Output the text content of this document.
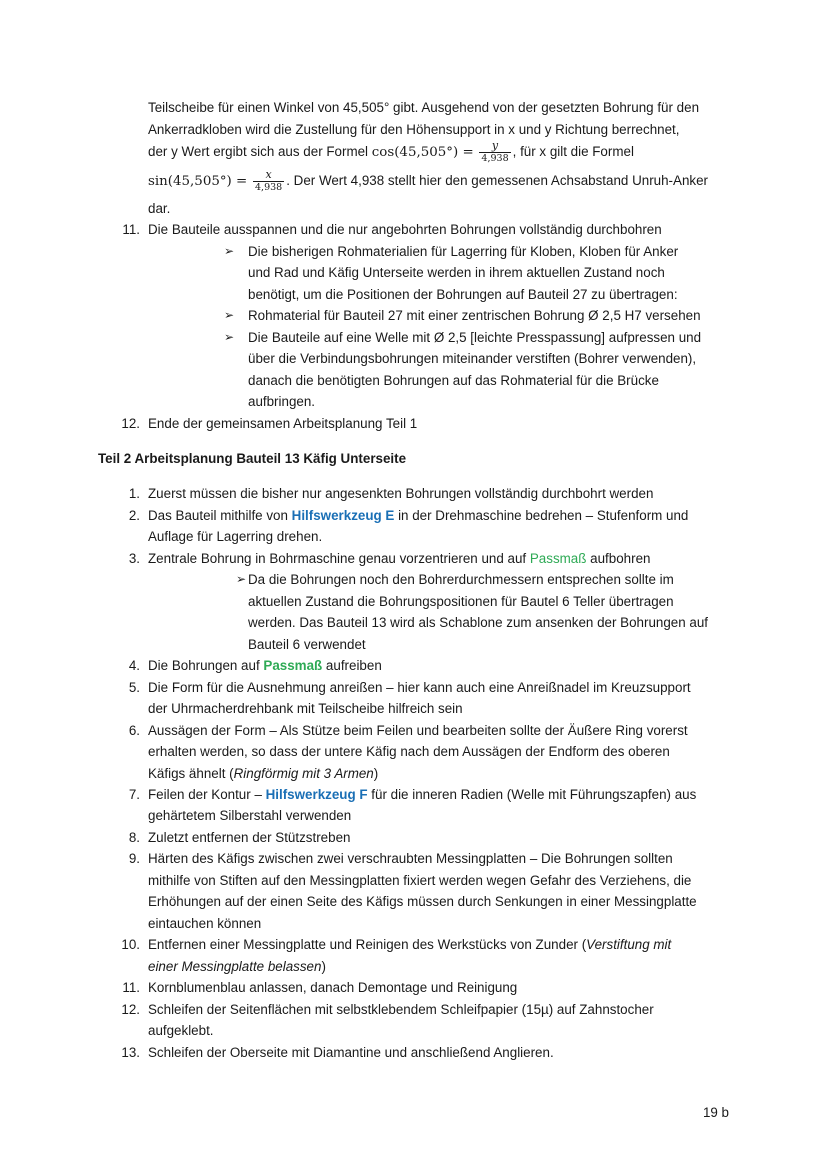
Teilscheibe für einen Winkel von 45,505° gibt. Ausgehend von der gesetzten Bohrung für den
Ankerradkloben wird die Zustellung für den Höhensupport in x und y Richtung berrechnet,
der y Wert ergibt sich aus der Formel $\cos(45,505^\circ) = \frac{y}{4,938}$ , für x gilt die Formel
$\sin(45,505^\circ) = \frac{x}{4,938}$ . Der Wert 4,938 stellt hier den gemessenen Achsabstand Unruh-Anker
dar.
11. Die Bauteile ausspannen und die nur angebohrten Bohrungen vollständig durchbohren
➢	Die bisherigen Rohmaterialien für Lagerring für Kloben, Kloben für Anker
und Rad und Käfig Unterseite werden in ihrem aktuellen Zustand noch
benötigt, um die Positionen der Bohrungen auf Bauteil 27 zu übertragen:
➢	Rohmaterial für Bauteil 27 mit einer zentrischen Bohrung Ø 2,5 H7 versehen
➢	Die Bauteile auf eine Welle mit Ø 2,5 [leichte Presspassung] aufpressen und
über die Verbindungsbohrungen miteinander verstiften (Bohrer verwenden),
danach die benötigten Bohrungen auf das Rohmaterial für die Brücke
aufbringen.
12. Ende der gemeinsamen Arbeitsplanung Teil 1
Teil 2 Arbeitsplanung Bauteil 13 Käfig Unterseite
1. Zuerst müssen die bisher nur angesenkten Bohrungen vollständig durchbohrt werden
2. Das Bauteil mithilfe von Hilfswerkzeug E in der Drehmaschine bedrehen – Stufenform und
Auflage für Lagerring drehen.
3. Zentrale Bohrung in Bohrmaschine genau vorzentrieren und auf Passmaß aufbohren
➢ Da die Bohrungen noch den Bohrerdurchmessern entsprechen sollte im
aktuellen Zustand die Bohrungspositionen für Bautel 6 Teller übertragen
werden. Das Bauteil 13 wird als Schablone zum ansenken der Bohrungen auf
Bauteil 6 verwendet
4. Die Bohrungen auf Passmaß aufreiben
5. Die Form für die Ausnehmung anreißen – hier kann auch eine Anreißnadel im Kreuzsupport
der Uhrmacherdrehbank mit Teilscheibe hilfreich sein
6. Aussägen der Form – Als Stütze beim Feilen und bearbeiten sollte der Äußere Ring vorerst
erhalten werden, so dass der untere Käfig nach dem Aussägen der Endform des oberen
Käfigs ähnelt (Ringförmig mit 3 Armen)
7. Feilen der Kontur – Hilfswerkzeug F für die inneren Radien (Welle mit Führungszapfen) aus
gehärtetem Silberstahl verwenden
8. Zuletzt entfernen der Stützstreben
9. Härten des Käfigs zwischen zwei verschraubten Messingplatten – Die Bohrungen sollten
mithilfe von Stiften auf den Messingplatten fixiert werden wegen Gefahr des Verziehens, die
Erhöhungen auf der einen Seite des Käfigs müssen durch Senkungen in einer Messingplatte
eintauchen können
10. Entfernen einer Messingplatte und Reinigen des Werkstücks von Zunder (Verstiftung mit
einer Messingplatte belassen)
11. Kornblumenblau anlassen, danach Demontage und Reinigung
12. Schleifen der Seitenflächen mit selbstklebendem Schleifpapier (15µ) auf Zahnstocher
aufgeklebt.
13. Schleifen der Oberseite mit Diamantine und anschließend Anglieren.
19 b
